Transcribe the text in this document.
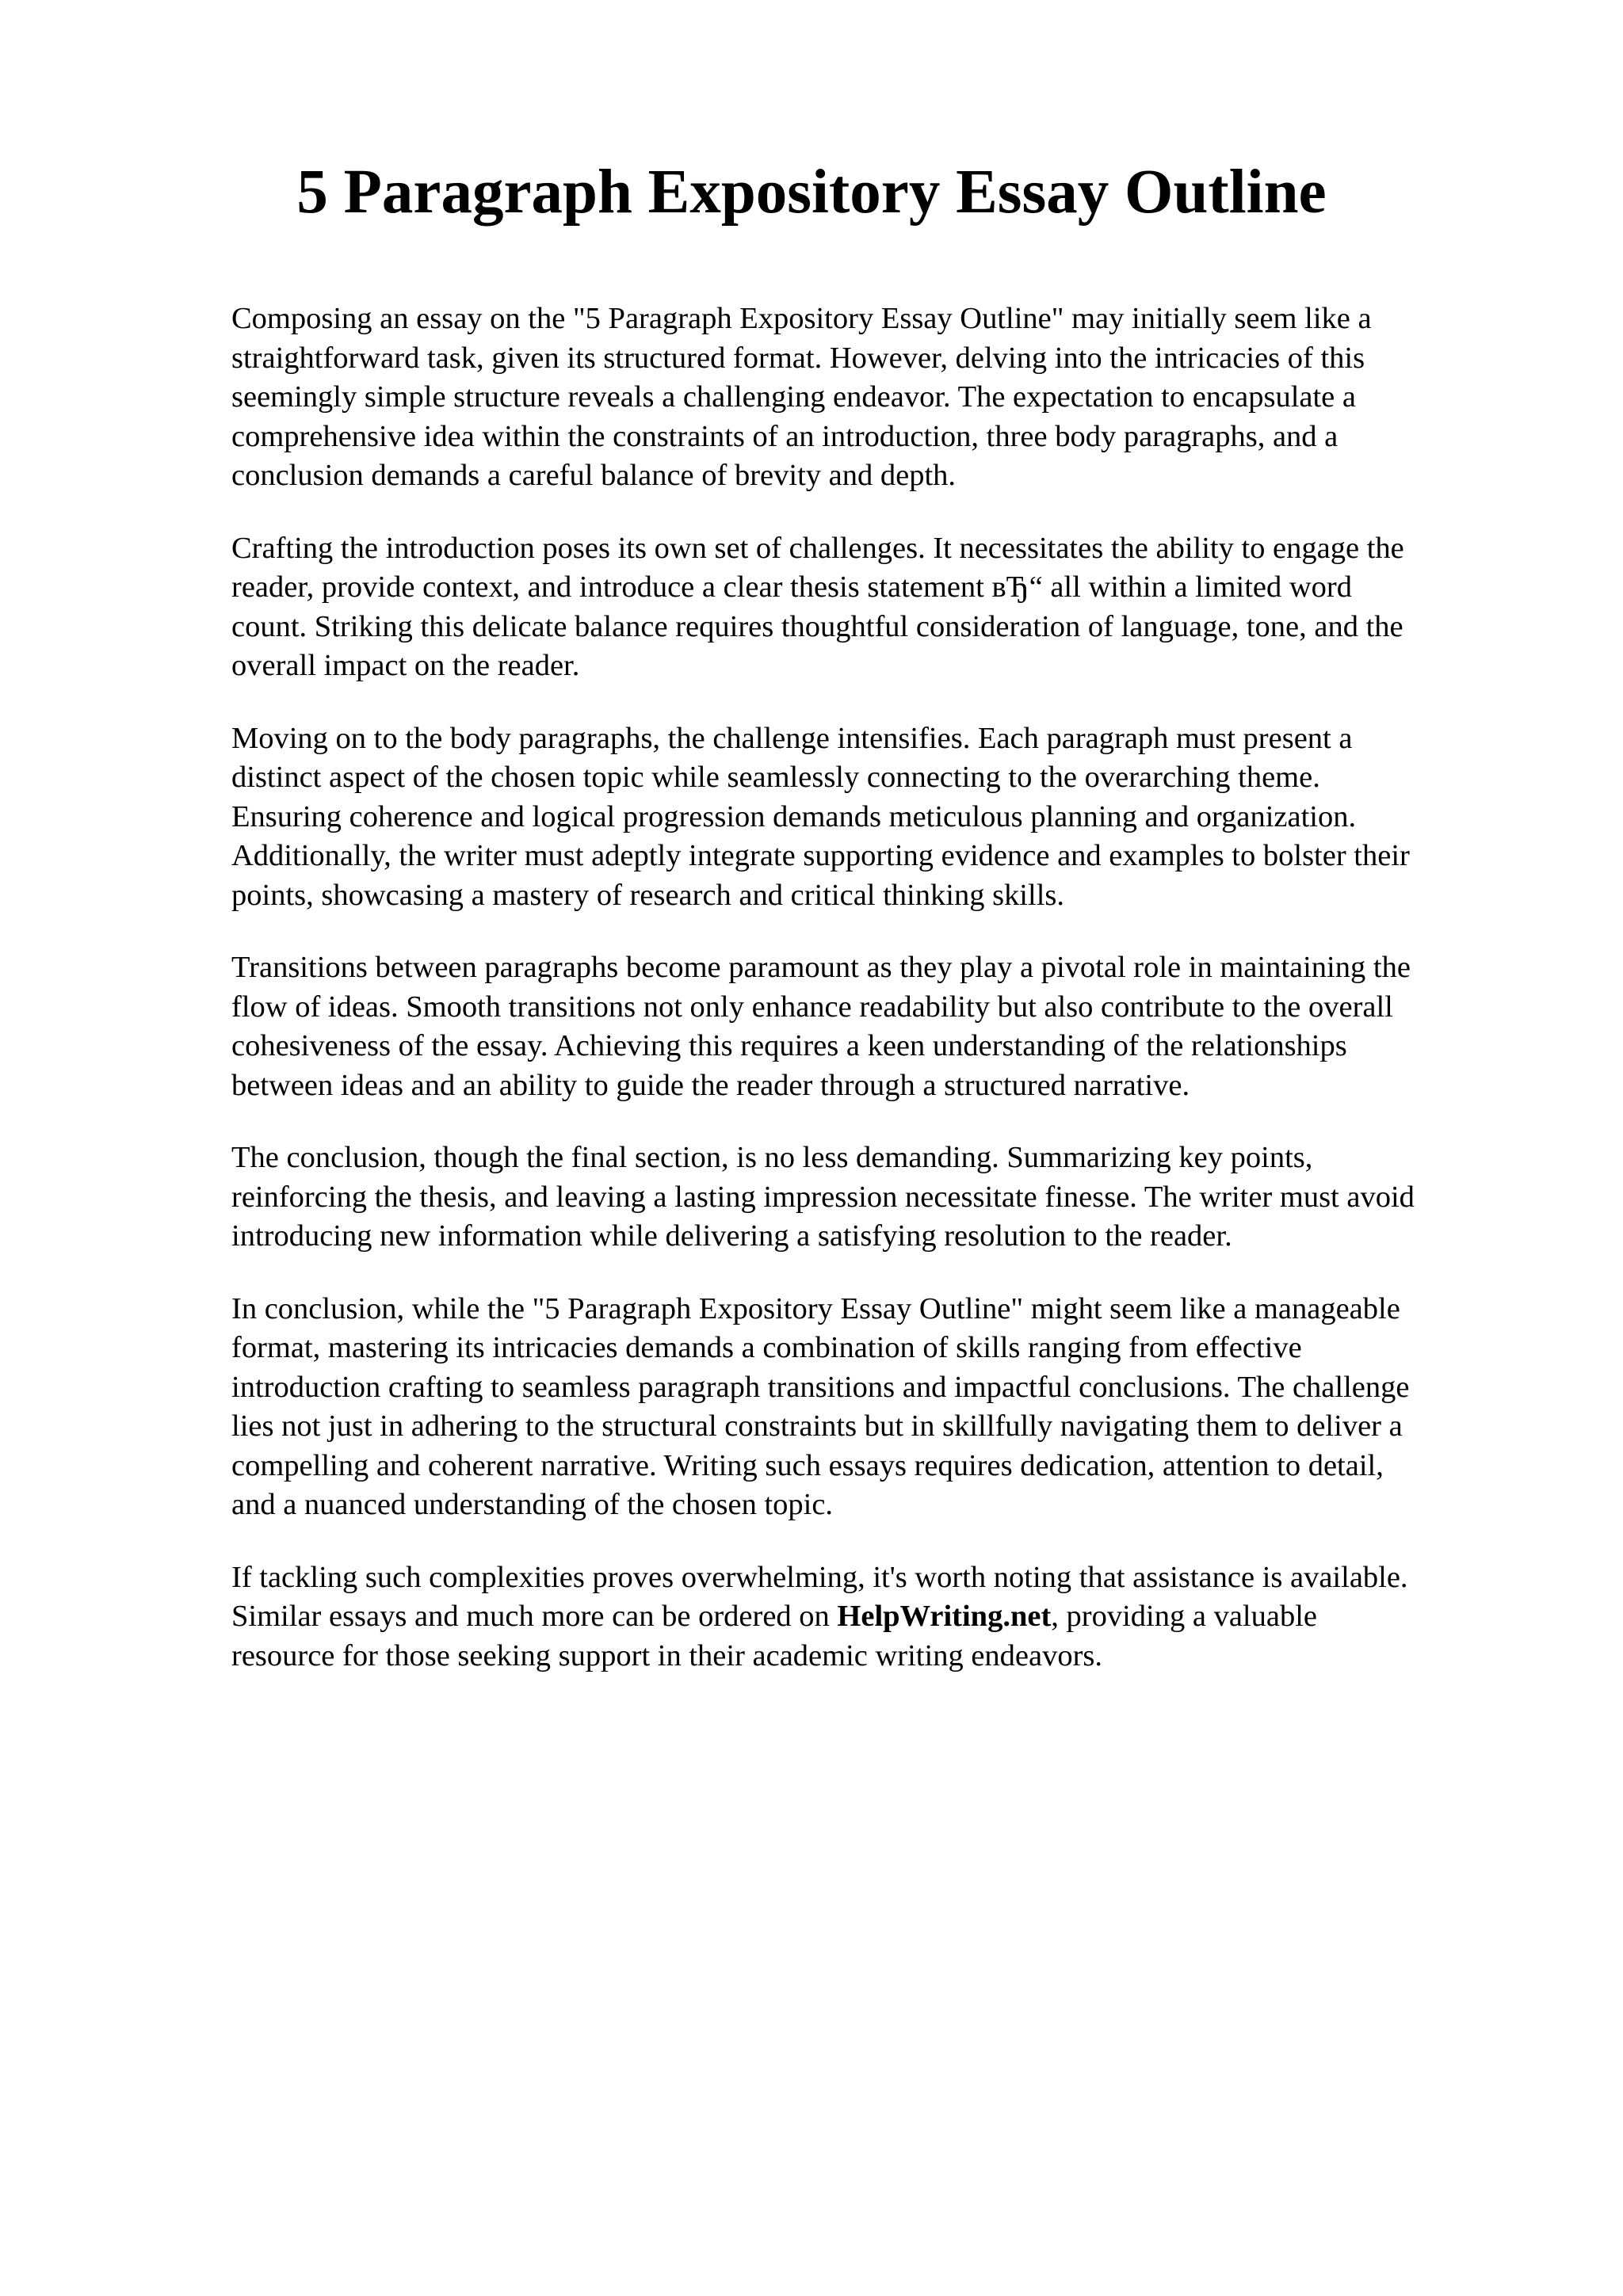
5 Paragraph Expository Essay Outline

Composing an essay on the "5 Paragraph Expository Essay Outline" may initially seem like a
straightforward task, given its structured format. However, delving into the intricacies of this
seemingly simple structure reveals a challenging endeavor. The expectation to encapsulate a
comprehensive idea within the constraints of an introduction, three body paragraphs, and a
conclusion demands a careful balance of brevity and depth.

Crafting the introduction poses its own set of challenges. It necessitates the ability to engage the
reader, provide context, and introduce a clear thesis statement вЂ“ all within a limited word
count. Striking this delicate balance requires thoughtful consideration of language, tone, and the
overall impact on the reader.

Moving on to the body paragraphs, the challenge intensifies. Each paragraph must present a
distinct aspect of the chosen topic while seamlessly connecting to the overarching theme.
Ensuring coherence and logical progression demands meticulous planning and organization.
Additionally, the writer must adeptly integrate supporting evidence and examples to bolster their
points, showcasing a mastery of research and critical thinking skills.

Transitions between paragraphs become paramount as they play a pivotal role in maintaining the
flow of ideas. Smooth transitions not only enhance readability but also contribute to the overall
cohesiveness of the essay. Achieving this requires a keen understanding of the relationships
between ideas and an ability to guide the reader through a structured narrative.

The conclusion, though the final section, is no less demanding. Summarizing key points,
reinforcing the thesis, and leaving a lasting impression necessitate finesse. The writer must avoid
introducing new information while delivering a satisfying resolution to the reader.

In conclusion, while the "5 Paragraph Expository Essay Outline" might seem like a manageable
format, mastering its intricacies demands a combination of skills ranging from effective
introduction crafting to seamless paragraph transitions and impactful conclusions. The challenge
lies not just in adhering to the structural constraints but in skillfully navigating them to deliver a
compelling and coherent narrative. Writing such essays requires dedication, attention to detail,
and a nuanced understanding of the chosen topic.

If tackling such complexities proves overwhelming, it's worth noting that assistance is available.
Similar essays and much more can be ordered on HelpWriting.net, providing a valuable
resource for those seeking support in their academic writing endeavors.
